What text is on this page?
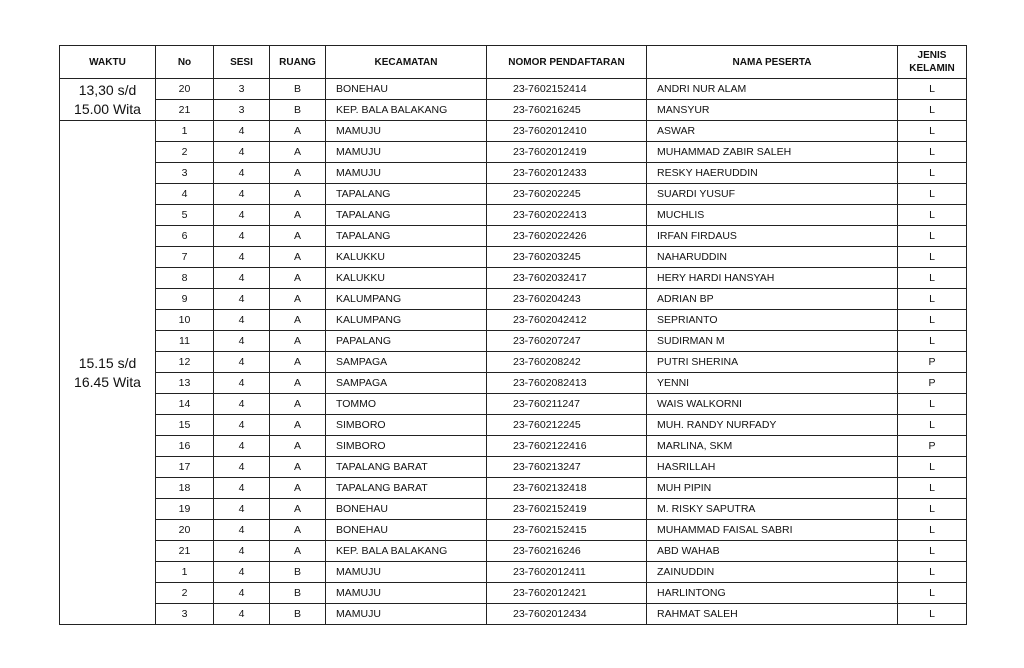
WAKTU	No	SESI	RUANG	KECAMATAN	NOMOR PENDAFTARAN	NAMA PESERTA	JENIS
KELAMIN
13,30 s/d
15.00 Wita	20	3	B	BONEHAU	23-7602152414	ANDRI NUR ALAM	L
	21	3	B	KEP. BALA BALAKANG	23-760216245	MANSYUR	L
15.15 s/d
16.45 Wita	1	4	A	MAMUJU	23-7602012410	ASWAR	L
	2	4	A	MAMUJU	23-7602012419	MUHAMMAD ZABIR SALEH	L
	3	4	A	MAMUJU	23-7602012433	RESKY HAERUDDIN	L
	4	4	A	TAPALANG	23-760202245	SUARDI YUSUF	L
	5	4	A	TAPALANG	23-7602022413	MUCHLIS	L
	6	4	A	TAPALANG	23-7602022426	IRFAN FIRDAUS	L
	7	4	A	KALUKKU	23-760203245	NAHARUDDIN	L
	8	4	A	KALUKKU	23-7602032417	HERY HARDI HANSYAH	L
	9	4	A	KALUMPANG	23-760204243	ADRIAN BP	L
	10	4	A	KALUMPANG	23-7602042412	SEPRIANTO	L
	11	4	A	PAPALANG	23-760207247	SUDIRMAN M	L
	12	4	A	SAMPAGA	23-760208242	PUTRI SHERINA	P
	13	4	A	SAMPAGA	23-7602082413	YENNI	P
	14	4	A	TOMMO	23-760211247	WAIS WALKORNI	L
	15	4	A	SIMBORO	23-760212245	MUH. RANDY NURFADY	L
	16	4	A	SIMBORO	23-7602122416	MARLINA, SKM	P
	17	4	A	TAPALANG BARAT	23-760213247	HASRILLAH	L
	18	4	A	TAPALANG BARAT	23-7602132418	MUH PIPIN	L
	19	4	A	BONEHAU	23-7602152419	M. RISKY SAPUTRA	L
	20	4	A	BONEHAU	23-7602152415	MUHAMMAD FAISAL SABRI	L
	21	4	A	KEP. BALA BALAKANG	23-760216246	ABD WAHAB	L
	1	4	B	MAMUJU	23-7602012411	ZAINUDDIN	L
	2	4	B	MAMUJU	23-7602012421	HARLINTONG	L
	3	4	B	MAMUJU	23-7602012434	RAHMAT SALEH	L
